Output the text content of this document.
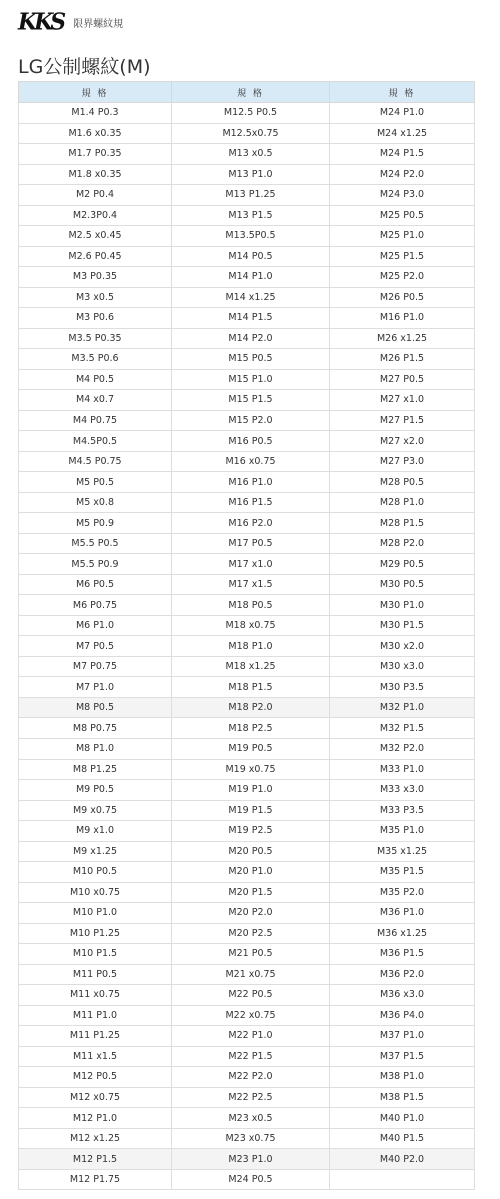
KKS 限界螺紋規
LG公制螺紋(M)
規 格	規 格	規 格
M1.4 P0.3	M12.5 P0.5	M24 P1.0
M1.6 x0.35	M12.5x0.75	M24 x1.25
M1.7 P0.35	M13 x0.5	M24 P1.5
M1.8 x0.35	M13 P1.0	M24 P2.0
M2 P0.4	M13 P1.25	M24 P3.0
M2.3P0.4	M13 P1.5	M25 P0.5
M2.5 x0.45	M13.5P0.5	M25 P1.0
M2.6 P0.45	M14 P0.5	M25 P1.5
M3 P0.35	M14 P1.0	M25 P2.0
M3 x0.5	M14 x1.25	M26 P0.5
M3 P0.6	M14 P1.5	M16 P1.0
M3.5 P0.35	M14 P2.0	M26 x1.25
M3.5 P0.6	M15 P0.5	M26 P1.5
M4 P0.5	M15 P1.0	M27 P0.5
M4 x0.7	M15 P1.5	M27 x1.0
M4 P0.75	M15 P2.0	M27 P1.5
M4.5P0.5	M16 P0.5	M27 x2.0
M4.5 P0.75	M16 x0.75	M27 P3.0
M5 P0.5	M16 P1.0	M28 P0.5
M5 x0.8	M16 P1.5	M28 P1.0
M5 P0.9	M16 P2.0	M28 P1.5
M5.5 P0.5	M17 P0.5	M28 P2.0
M5.5 P0.9	M17 x1.0	M29 P0.5
M6 P0.5	M17 x1.5	M30 P0.5
M6 P0.75	M18 P0.5	M30 P1.0
M6 P1.0	M18 x0.75	M30 P1.5
M7 P0.5	M18 P1.0	M30 x2.0
M7 P0.75	M18 x1.25	M30 x3.0
M7 P1.0	M18 P1.5	M30 P3.5
M8 P0.5	M18 P2.0	M32 P1.0
M8 P0.75	M18 P2.5	M32 P1.5
M8 P1.0	M19 P0.5	M32 P2.0
M8 P1.25	M19 x0.75	M33 P1.0
M9 P0.5	M19 P1.0	M33 x3.0
M9 x0.75	M19 P1.5	M33 P3.5
M9 x1.0	M19 P2.5	M35 P1.0
M9 x1.25	M20 P0.5	M35 x1.25
M10 P0.5	M20 P1.0	M35 P1.5
M10 x0.75	M20 P1.5	M35 P2.0
M10 P1.0	M20 P2.0	M36 P1.0
M10 P1.25	M20 P2.5	M36 x1.25
M10 P1.5	M21 P0.5	M36 P1.5
M11 P0.5	M21 x0.75	M36 P2.0
M11 x0.75	M22 P0.5	M36 x3.0
M11 P1.0	M22 x0.75	M36 P4.0
M11 P1.25	M22 P1.0	M37 P1.0
M11 x1.5	M22 P1.5	M37 P1.5
M12 P0.5	M22 P2.0	M38 P1.0
M12 x0.75	M22 P2.5	M38 P1.5
M12 P1.0	M23 x0.5	M40 P1.0
M12 x1.25	M23 x0.75	M40 P1.5
M12 P1.5	M23 P1.0	M40 P2.0
M12 P1.75	M24 P0.5	
